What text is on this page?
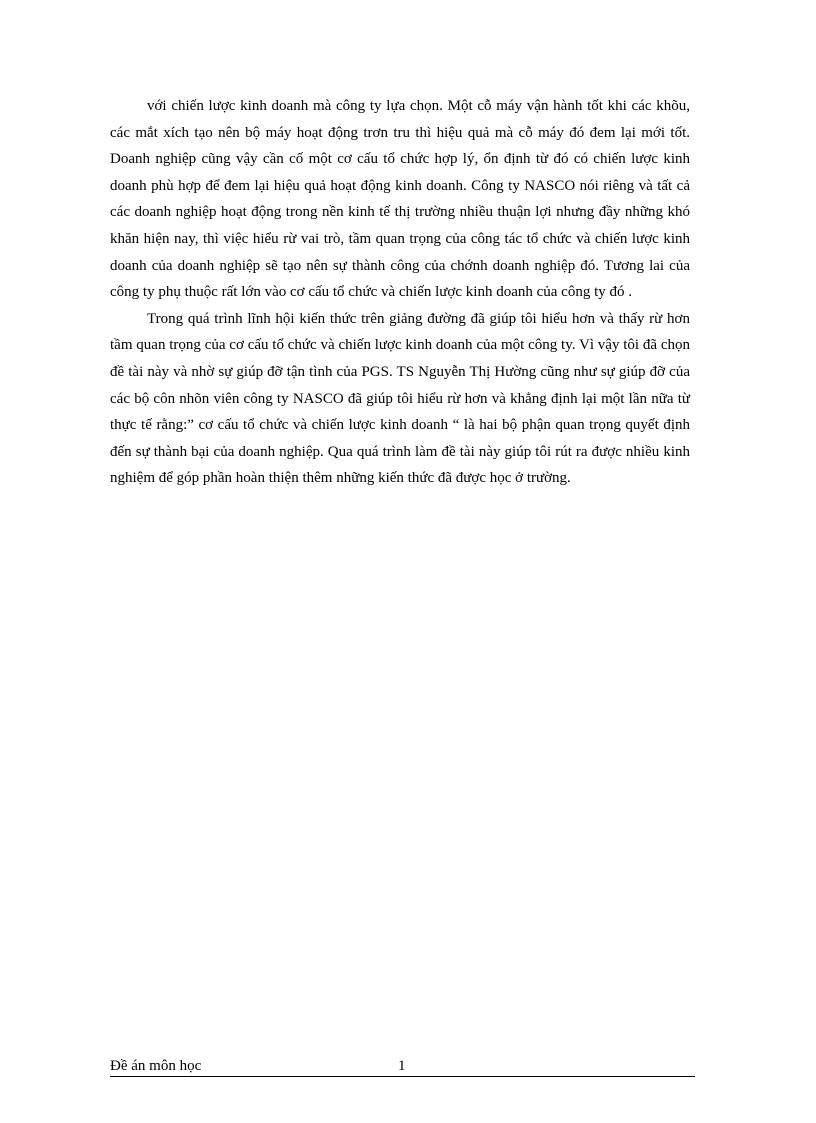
với chiến lược kinh doanh mà công ty lựa chọn. Một cỗ máy vận hành tốt khi các khõu, các mắt xích tạo nên bộ máy hoạt động trơn tru thì hiệu quả mà cỗ máy đó đem lại mới tốt. Doanh nghiệp cũng vậy cần cố một cơ cấu tổ chức hợp lý, ổn định từ đó có chiến lược kinh doanh phù hợp để đem lại hiệu quả hoạt động kinh doanh. Công ty NASCO nói riêng và tất cả các doanh nghiệp hoạt động trong nền kinh tế thị trường nhiều thuận lợi nhưng đầy những khó khăn hiện nay, thì việc hiểu rừ vai trò, tầm quan trọng của công tác tổ chức và chiến lược kinh doanh của doanh nghiệp sẽ tạo nên sự thành công của chớnh doanh nghiệp đó. Tương lai của công ty phụ thuộc rất lớn vào cơ cấu tổ chức và chiến lược kinh doanh của công ty đó .

Trong quá trình lĩnh hội kiến thức trên giảng đường đã giúp tôi hiểu hơn và thấy rừ hơn tầm quan trọng của cơ cấu tổ chức và chiến lược kinh doanh của một công ty. Vì vậy tôi đã chọn đề tài này và nhờ sự giúp đỡ tận tình của PGS. TS Nguyễn Thị Hường cũng như sự giúp đỡ của các bộ côn nhõn viên công ty NASCO đã giúp tôi hiểu rừ hơn và khẳng định lại một lần nữa từ thực tế rằng:” cơ cấu tổ chức và chiến lược kinh doanh “ là hai bộ phận quan trọng quyết định đến sự thành bại của doanh nghiệp. Qua quá trình làm đề tài này giúp tôi rút ra được nhiều kinh nghiệm để góp phần hoàn thiện thêm những kiến thức đã được học ở trường.

Đề án môn học	1
